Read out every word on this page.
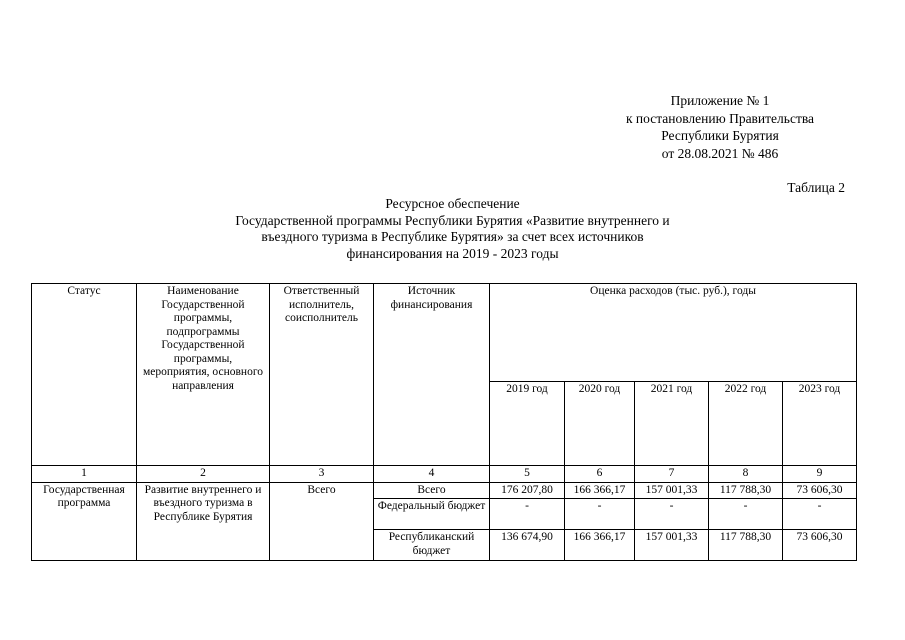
Приложение № 1
к постановлению Правительства
Республики Бурятия
от 28.08.2021 № 486
Таблица 2
Ресурсное обеспечение
Государственной программы Республики Бурятия «Развитие внутреннего и
въездного туризма в Республике Бурятия» за счет всех источников
финансирования на 2019 - 2023 годы
Статус	Наименование Государственной программы, подпрограммы Государственной программы, мероприятия, основного направления	Ответственный исполнитель, соисполнитель	Источник финансирования	Оценка расходов (тыс. руб.), годы				
				2019 год	2020 год	2021 год	2022 год	2023 год
1	2	3	4	5	6	7	8	9
Государственная программа	Развитие внутреннего и въездного туризма в Республике Бурятия	Всего	Всего	176 207,80	166 366,17	157 001,33	117 788,30	73 606,30
			Федеральный бюджет	-	-	-	-	-
			Республиканский бюджет	136 674,90	166 366,17	157 001,33	117 788,30	73 606,30
